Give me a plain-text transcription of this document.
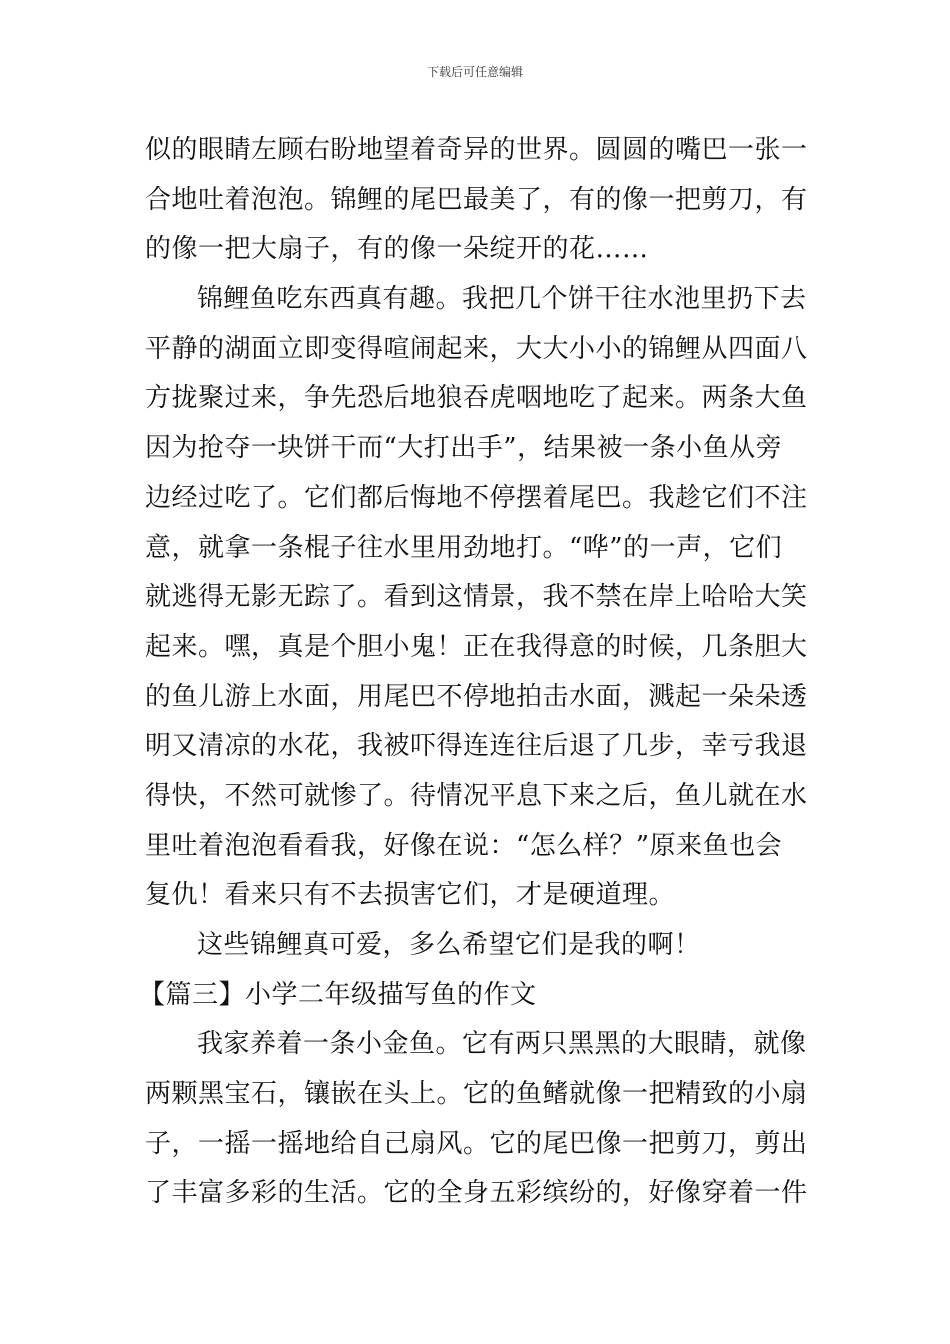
下载后可任意编辑
似的眼睛左顾右盼地望着奇异的世界。圆圆的嘴巴一张一
合地吐着泡泡。锦鲤的尾巴最美了，有的像一把剪刀，有
的像一把大扇子，有的像一朵绽开的花……
锦鲤鱼吃东西真有趣。我把几个饼干往水池里扔下去
平静的湖面立即变得喧闹起来，大大小小的锦鲤从四面八
方拢聚过来，争先恐后地狼吞虎咽地吃了起来。两条大鱼
因为抢夺一块饼干而“大打出手”，结果被一条小鱼从旁
边经过吃了。它们都后悔地不停摆着尾巴。我趁它们不注
意，就拿一条棍子往水里用劲地打。“哗”的一声，它们
就逃得无影无踪了。看到这情景，我不禁在岸上哈哈大笑
起来。嘿，真是个胆小鬼！正在我得意的时候，几条胆大
的鱼儿游上水面，用尾巴不停地拍击水面，溅起一朵朵透
明又清凉的水花，我被吓得连连往后退了几步，幸亏我退
得快，不然可就惨了。待情况平息下来之后，鱼儿就在水
里吐着泡泡看看我，好像在说：“怎么样？”原来鱼也会
复仇！看来只有不去损害它们，才是硬道理。
这些锦鲤真可爱，多么希望它们是我的啊！
【篇三】小学二年级描写鱼的作文
我家养着一条小金鱼。它有两只黑黑的大眼睛，就像
两颗黑宝石，镶嵌在头上。它的鱼鳍就像一把精致的小扇
子，一摇一摇地给自己扇风。它的尾巴像一把剪刀，剪出
了丰富多彩的生活。它的全身五彩缤纷的，好像穿着一件
